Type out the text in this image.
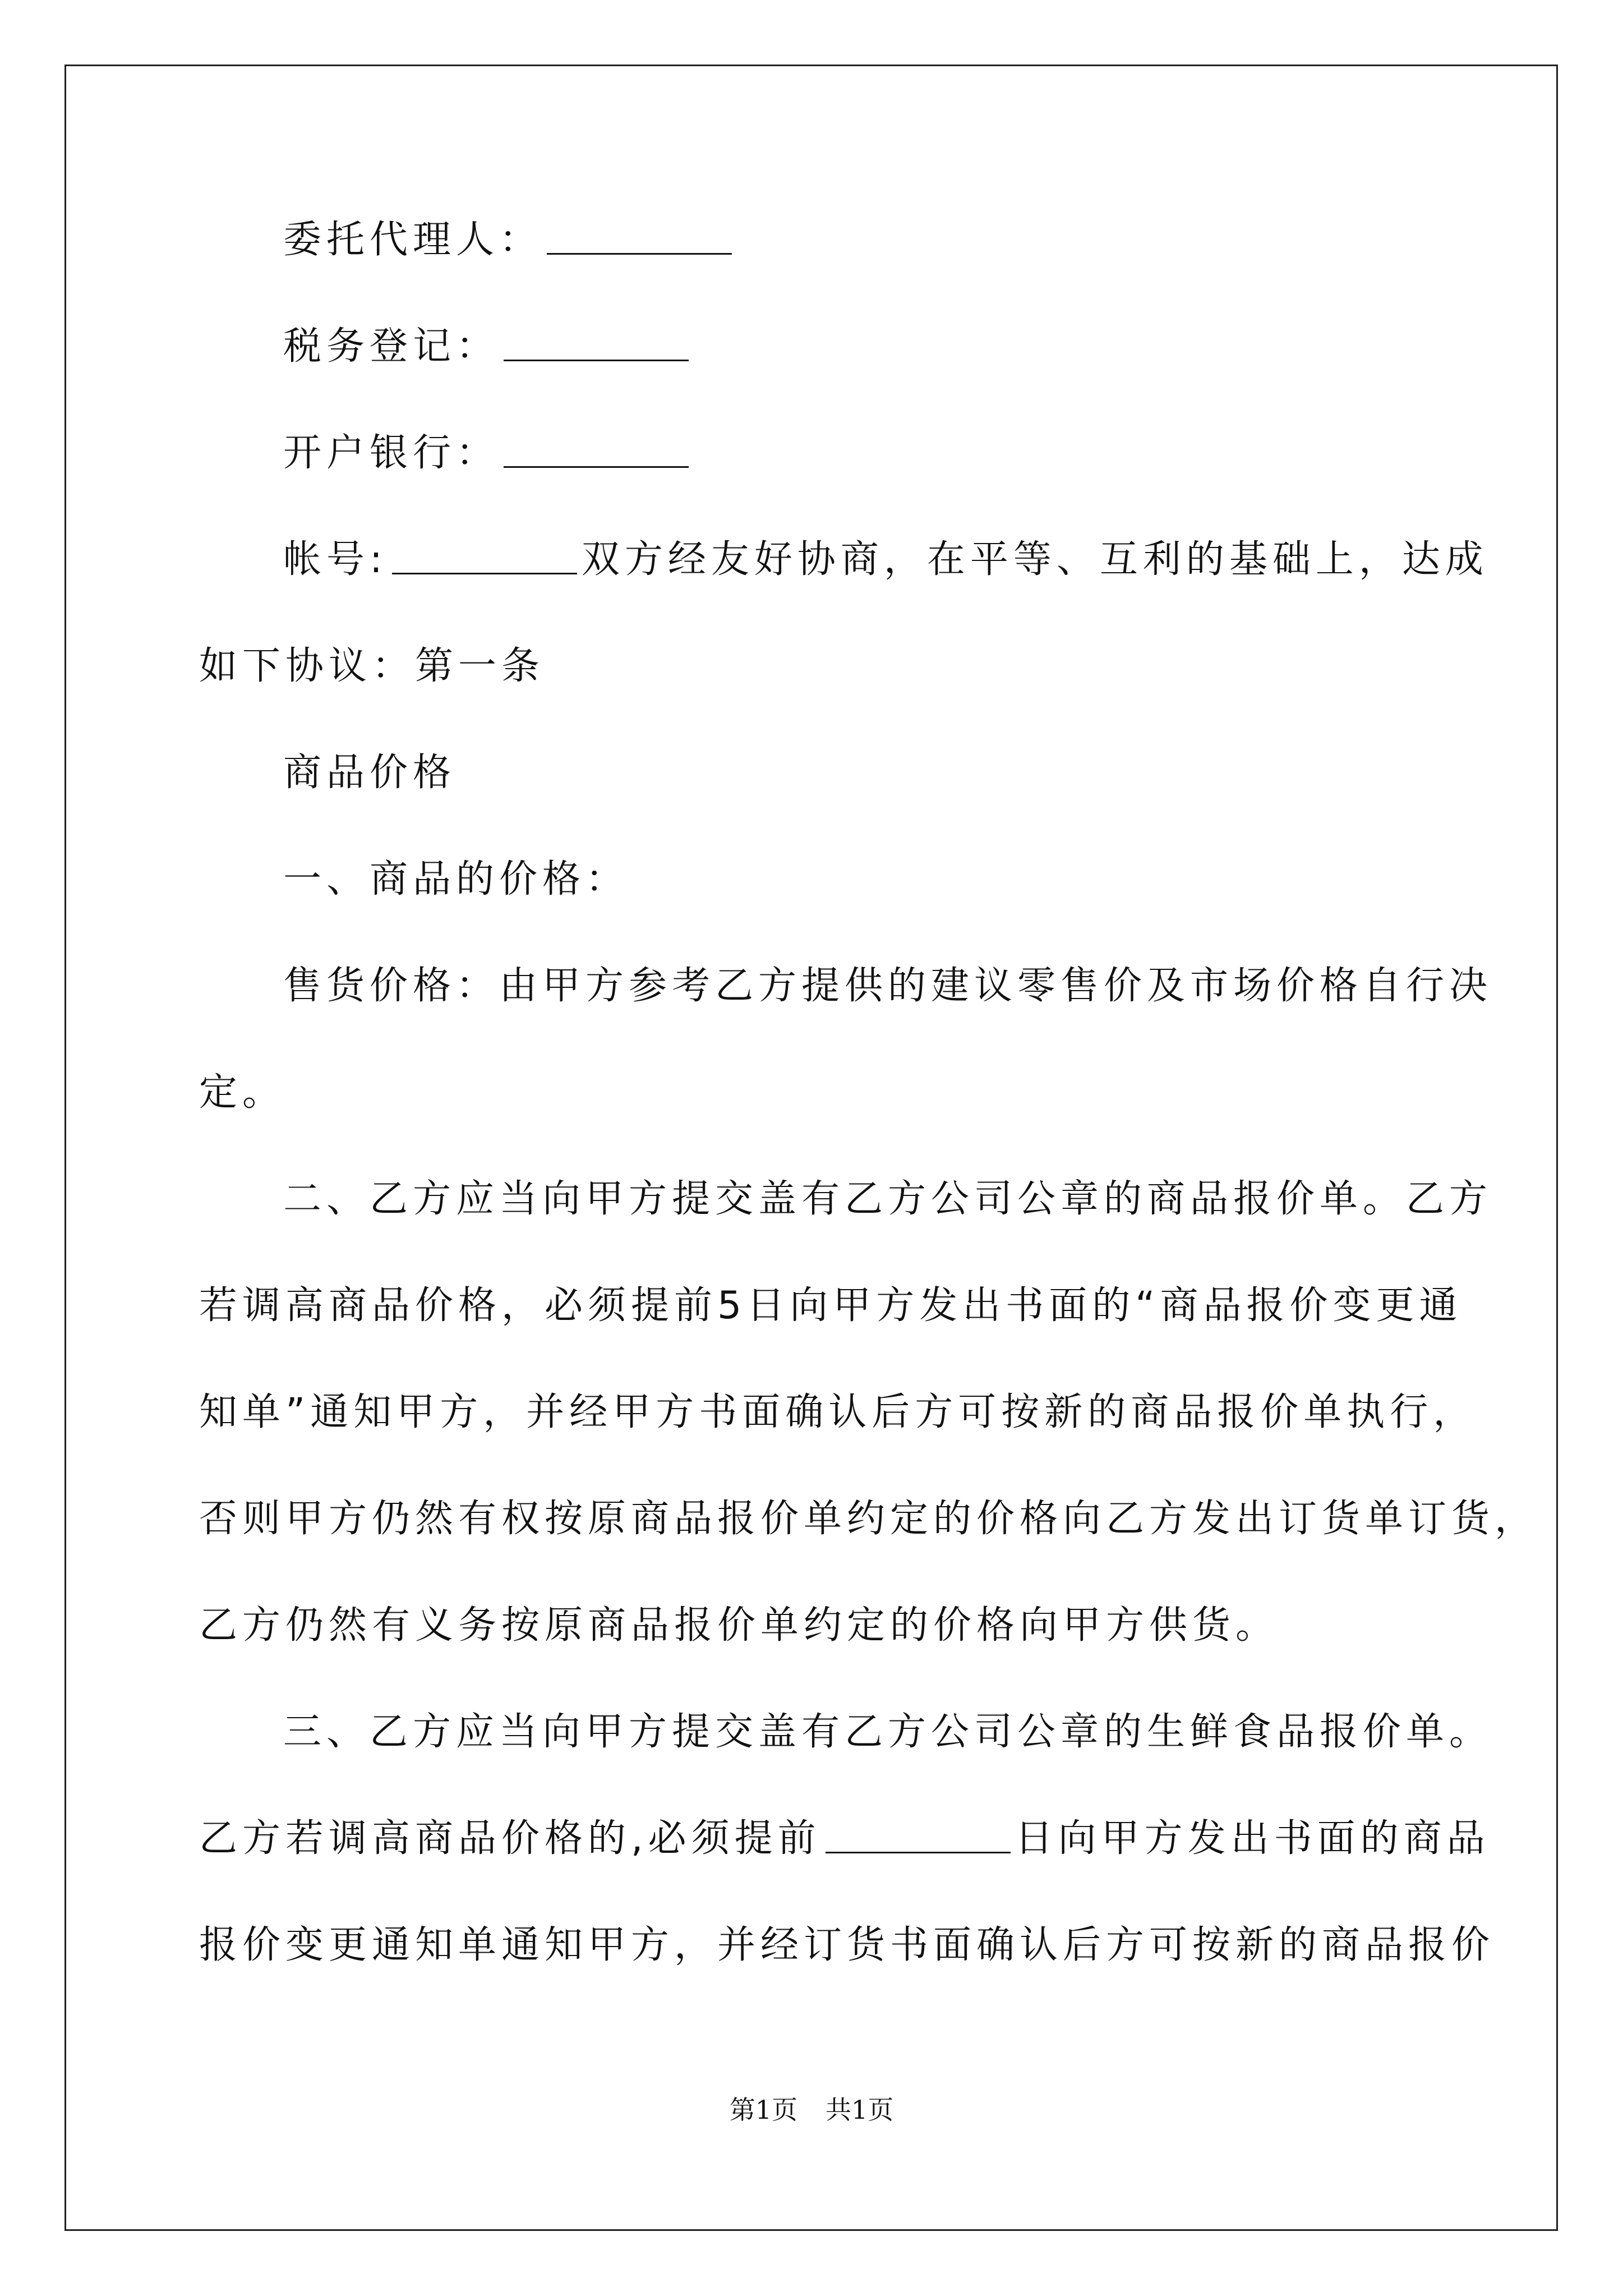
委托代理人：
税务登记：
开户银行：
帐号:	双方经友好协商，在平等、互利的基础上，达成
如下协议：第一条
商品价格
一、商品的价格：
售货价格：由甲方参考乙方提供的建议零售价及市场价格自行决
定。
二、乙方应当向甲方提交盖有乙方公司公章的商品报价单。乙方
若调高商品价格，必须提前5日向甲方发出书面的“商品报价变更通
知单”通知甲方，并经甲方书面确认后方可按新的商品报价单执行，
否则甲方仍然有权按原商品报价单约定的价格向乙方发出订货单订货，
乙方仍然有义务按原商品报价单约定的价格向甲方供货。
三、乙方应当向甲方提交盖有乙方公司公章的生鲜食品报价单。
乙方若调高商品价格的,必须提前	日向甲方发出书面的商品
报价变更通知单通知甲方，并经订货书面确认后方可按新的商品报价
第1页 共1页
